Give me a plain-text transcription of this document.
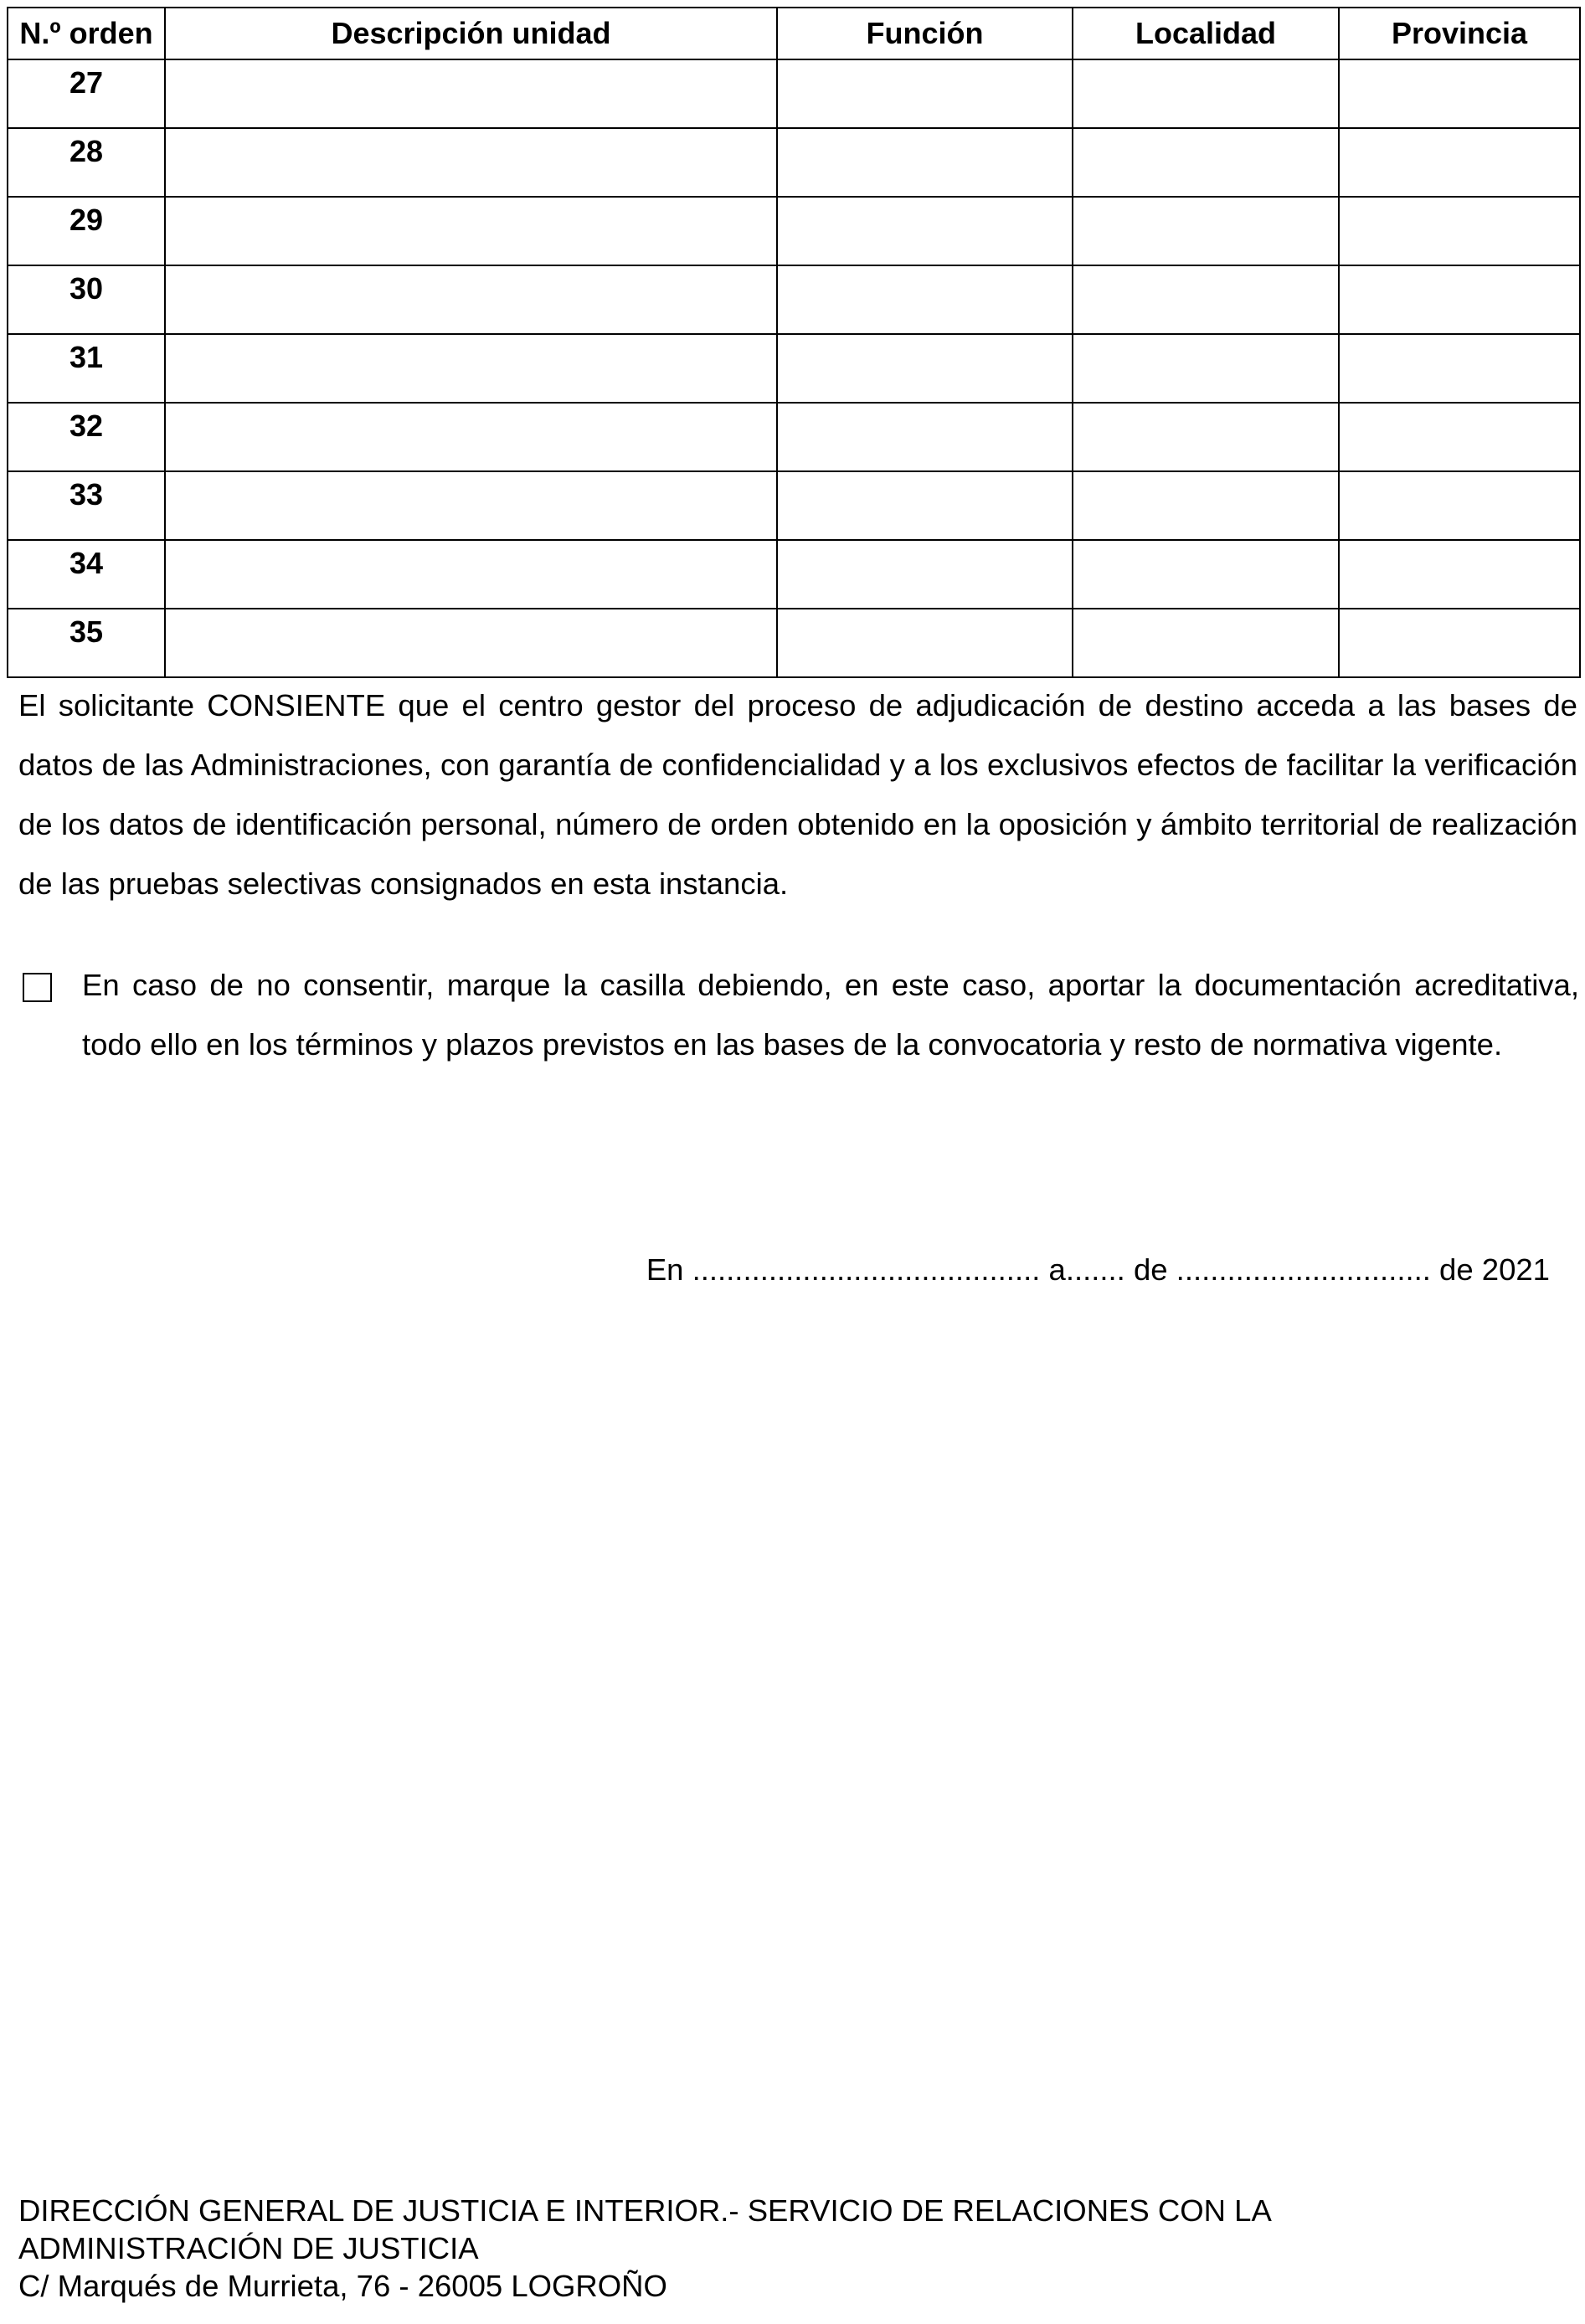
N.º orden	Descripción unidad	Función	Localidad	Provincia
27				
28				
29				
30				
31				
32				
33				
34				
35				

El solicitante CONSIENTE que el centro gestor del proceso de adjudicación de destino acceda a las bases de datos de las Administraciones, con garantía de confidencialidad y a los exclusivos efectos de facilitar la verificación de los datos de identificación personal, número de orden obtenido en la oposición y ámbito territorial de realización de las pruebas selectivas consignados en esta instancia.

En caso de no consentir, marque la casilla debiendo, en este caso, aportar la documentación acreditativa, todo ello en los términos y plazos previstos en las bases de la convocatoria y resto de normativa vigente.

En ......................................... a....... de .............................. de 2021
DIRECCIÓN GENERAL DE JUSTICIA E INTERIOR.- SERVICIO DE RELACIONES CON LA
ADMINISTRACIÓN DE JUSTICIA
C/ Marqués de Murrieta, 76 - 26005 LOGROÑO
